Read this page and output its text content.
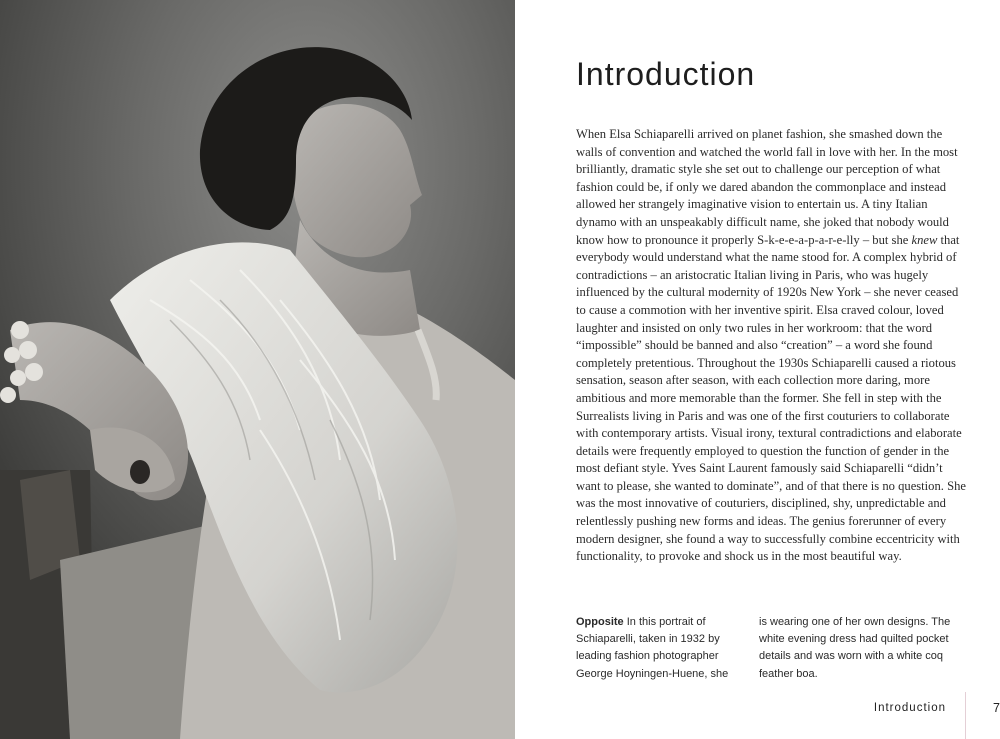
Introduction

When Elsa Schiaparelli arrived on planet fashion, she smashed down the walls of convention and watched the world fall in love with her. In the most brilliantly, dramatic style she set out to challenge our perception of what fashion could be, if only we dared abandon the commonplace and instead allowed her strangely imaginative vision to entertain us. A tiny Italian dynamo with an unspeakably difficult name, she joked that nobody would know how to pronounce it properly S-k-e-e-a-p-a-r-e-lly – but she knew that everybody would understand what the name stood for. A complex hybrid of contradictions – an aristocratic Italian living in Paris, who was hugely influenced by the cultural modernity of 1920s New York – she never ceased to cause a commotion with her inventive spirit. Elsa craved colour, loved laughter and insisted on only two rules in her workroom: that the word “impossible” should be banned and also “creation” – a word she found completely pretentious. Throughout the 1930s Schiaparelli caused a riotous sensation, season after season, with each collection more daring, more ambitious and more memorable than the former. She fell in step with the Surrealists living in Paris and was one of the first couturiers to collaborate with contemporary artists. Visual irony, textural contradictions and elaborate details were frequently employed to question the function of gender in the most defiant style. Yves Saint Laurent famously said Schiaparelli “didn’t want to please, she wanted to dominate”, and of that there is no question. She was the most innovative of couturiers, disciplined, shy, unpredictable and relentlessly pushing new forms and ideas. The genius forerunner of every modern designer, she found a way to successfully combine eccentricity with functionality, to provoke and shock us in the most beautiful way.

Opposite In this portrait of Schiaparelli, taken in 1932 by leading fashion photographer George Hoyningen-Huene, she

is wearing one of her own designs. The white evening dress had quilted pocket details and was worn with a white coq feather boa.

Introduction	7
